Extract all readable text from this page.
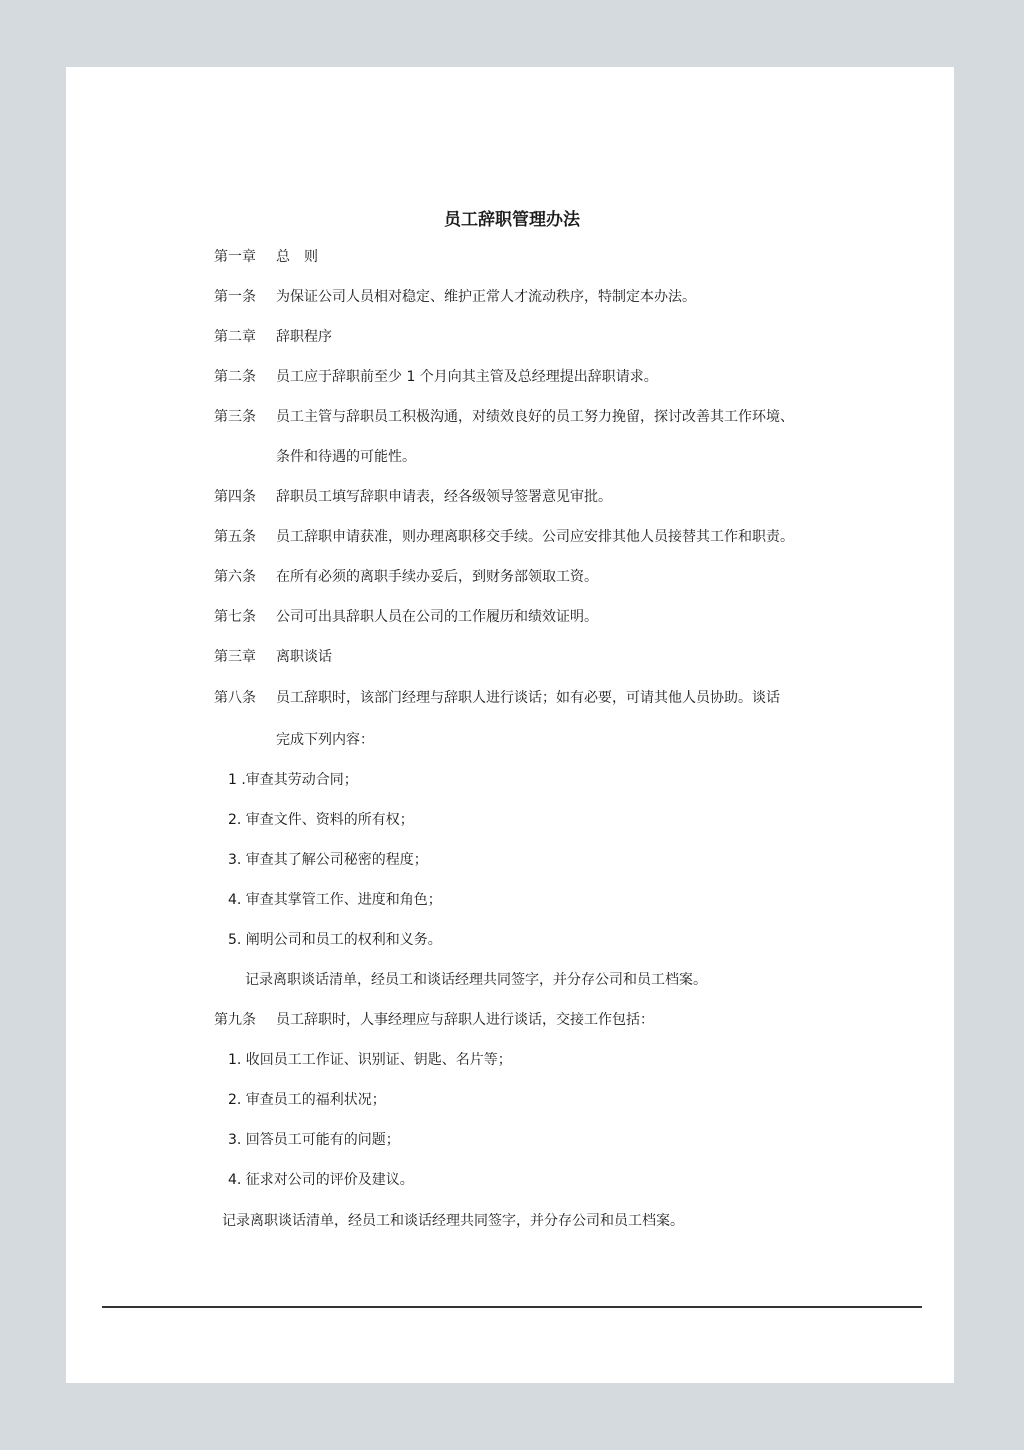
员工辞职管理办法
第一章 总　则
第一条 为保证公司人员相对稳定、维护正常人才流动秩序，特制定本办法。
第二章 辞职程序
第二条 员工应于辞职前至少 1 个月向其主管及总经理提出辞职请求。
第三条 员工主管与辞职员工积极沟通，对绩效良好的员工努力挽留，探讨改善其工作环境、
条件和待遇的可能性。
第四条 辞职员工填写辞职申请表，经各级领导签署意见审批。
第五条 员工辞职申请获准，则办理离职移交手续。公司应安排其他人员接替其工作和职责。
第六条 在所有必须的离职手续办妥后，到财务部领取工资。
第七条 公司可出具辞职人员在公司的工作履历和绩效证明。
第三章 离职谈话
第八条 员工辞职时，该部门经理与辞职人进行谈话；如有必要，可请其他人员协助。谈话
完成下列内容：
1 .审查其劳动合同；
2. 审查文件、资料的所有权；
3. 审查其了解公司秘密的程度；
4. 审查其掌管工作、进度和角色；
5. 阐明公司和员工的权利和义务。
记录离职谈话清单，经员工和谈话经理共同签字，并分存公司和员工档案。
第九条 员工辞职时，人事经理应与辞职人进行谈话，交接工作包括：
1. 收回员工工作证、识别证、钥匙、名片等；
2. 审查员工的福利状况；
3. 回答员工可能有的问题；
4. 征求对公司的评价及建议。
记录离职谈话清单，经员工和谈话经理共同签字，并分存公司和员工档案。
